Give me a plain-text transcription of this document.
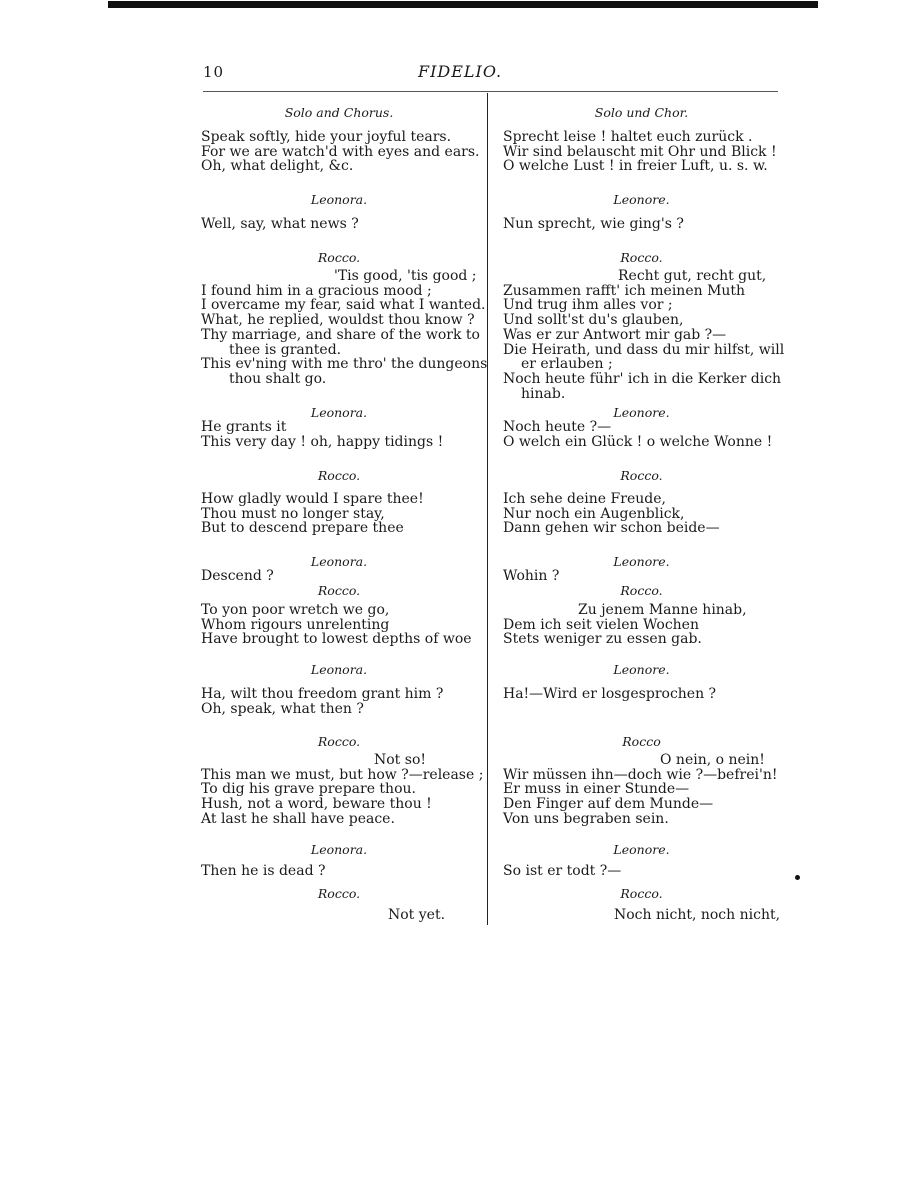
10	FIDELIO.
Solo and Chorus.
Speak softly, hide your joyful tears.
For we are watch'd with eyes and ears.
Oh, what delight, &c.
Leonora.
Well, say, what news ?
Rocco.
'Tis good, 'tis good ;
I found him in a gracious mood ;
I overcame my fear, said what I wanted.
What, he replied, wouldst thou know ?
Thy marriage, and share of the work to
thee is granted.
This ev'ning with me thro' the dungeons
thou shalt go.
Leonora.
He grants it
This very day ! oh, happy tidings !
Rocco.
How gladly would I spare thee!
Thou must no longer stay,
But to descend prepare thee
Leonora.
Descend ?
Rocco.
To yon poor wretch we go,
Whom rigours unrelenting
Have brought to lowest depths of woe
Leonora.
Ha, wilt thou freedom grant him ?
Oh, speak, what then ?
Rocco.
Not so!
This man we must, but how ?—release ;
To dig his grave prepare thou.
Hush, not a word, beware thou !
At last he shall have peace.
Leonora.
Then he is dead ?
Rocco.
Not yet.
Solo und Chor.
Sprecht leise ! haltet euch zurück .
Wir sind belauscht mit Ohr und Blick !
O welche Lust ! in freier Luft, u. s. w.
Leonore.
Nun sprecht, wie ging's ?
Rocco.
Recht gut, recht gut,
Zusammen rafft' ich meinen Muth
Und trug ihm alles vor ;
Und sollt'st du's glauben,
Was er zur Antwort mir gab ?—
Die Heirath, und dass du mir hilfst, will
er erlauben ;
Noch heute führ' ich in die Kerker dich
hinab.
Leonore.
Noch heute ?—
O welch ein Glück ! o welche Wonne !
Rocco.
Ich sehe deine Freude,
Nur noch ein Augenblick,
Dann gehen wir schon beide—
Leonore.
Wohin ?
Rocco.
Zu jenem Manne hinab,
Dem ich seit vielen Wochen
Stets weniger zu essen gab.
Leonore.
Ha!—Wird er losgesprochen ?
Rocco
O nein, o nein!
Wir müssen ihn—doch wie ?—befrei'n!
Er muss in einer Stunde—
Den Finger auf dem Munde—
Von uns begraben sein.
Leonore.
So ist er todt ?—
Rocco.
Noch nicht, noch nicht,
